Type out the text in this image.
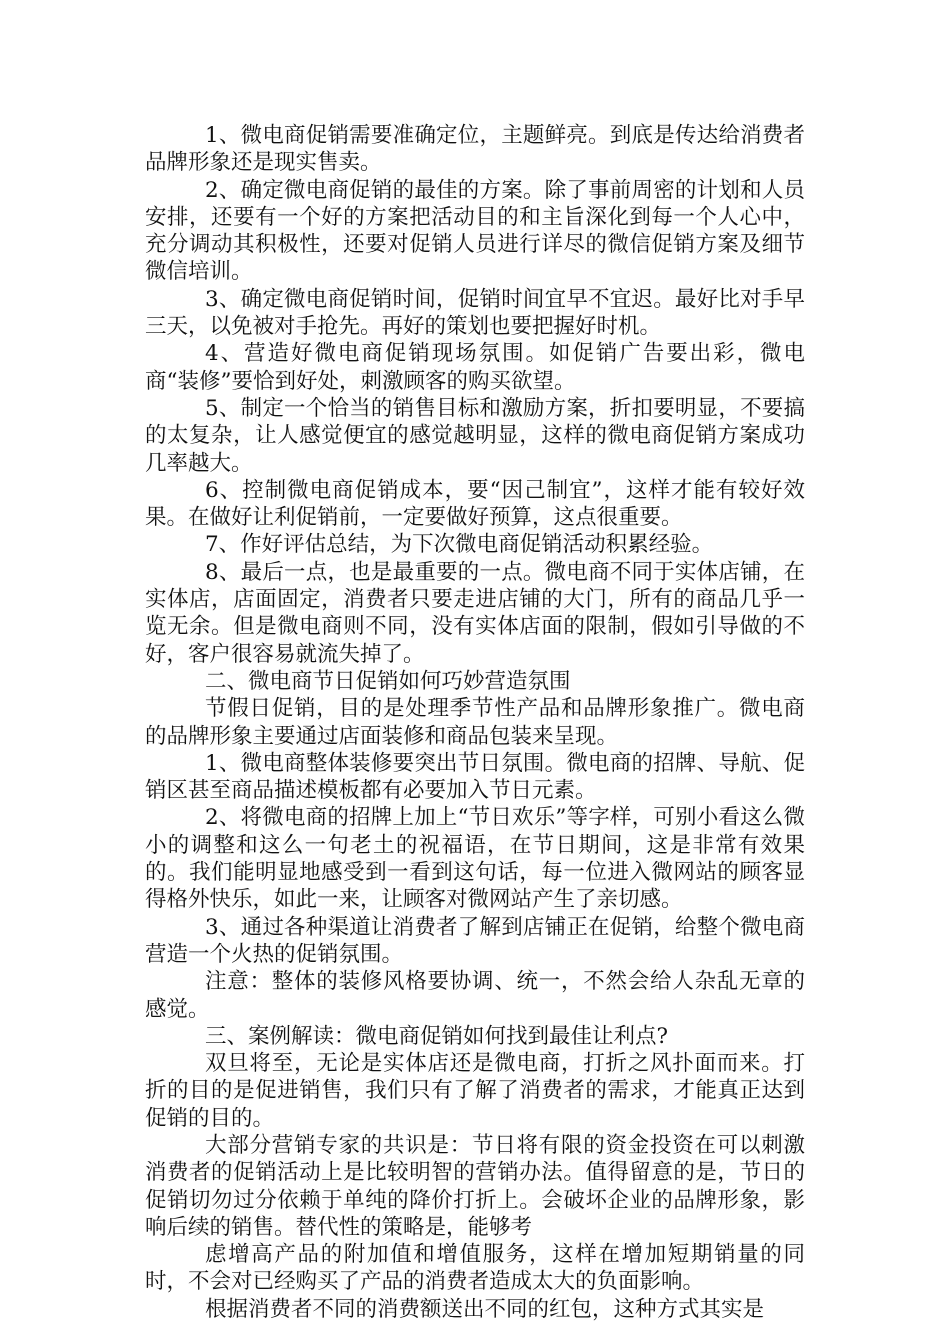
1、微电商促销需要准确定位，主题鲜亮。到底是传达给消费者品牌形象还是现实售卖。

2、确定微电商促销的最佳的方案。除了事前周密的计划和人员安排，还要有一个好的方案把活动目的和主旨深化到每一个人心中，充分调动其积极性，还要对促销人员进行详尽的微信促销方案及细节微信培训。

3、确定微电商促销时间，促销时间宜早不宜迟。最好比对手早三天，以免被对手抢先。再好的策划也要把握好时机。

4、营造好微电商促销现场氛围。如促销广告要出彩，微电商“装修”要恰到好处，刺激顾客的购买欲望。

5、制定一个恰当的销售目标和激励方案，折扣要明显，不要搞的太复杂，让人感觉便宜的感觉越明显，这样的微电商促销方案成功几率越大。

6、控制微电商促销成本，要“因己制宜”，这样才能有较好效果。在做好让利促销前，一定要做好预算，这点很重要。

7、作好评估总结，为下次微电商促销活动积累经验。

8、最后一点，也是最重要的一点。微电商不同于实体店铺，在实体店，店面固定，消费者只要走进店铺的大门，所有的商品几乎一览无余。但是微电商则不同，没有实体店面的限制，假如引导做的不好，客户很容易就流失掉了。

二、微电商节日促销如何巧妙营造氛围

节假日促销，目的是处理季节性产品和品牌形象推广。微电商的品牌形象主要通过店面装修和商品包装来呈现。

1、微电商整体装修要突出节日氛围。微电商的招牌、导航、促销区甚至商品描述模板都有必要加入节日元素。

2、将微电商的招牌上加上“节日欢乐”等字样，可别小看这么微小的调整和这么一句老土的祝福语，在节日期间，这是非常有效果的。我们能明显地感受到一看到这句话，每一位进入微网站的顾客显得格外快乐，如此一来，让顾客对微网站产生了亲切感。

3、通过各种渠道让消费者了解到店铺正在促销，给整个微电商营造一个火热的促销氛围。

注意：整体的装修风格要协调、统一，不然会给人杂乱无章的感觉。

三、案例解读：微电商促销如何找到最佳让利点?

双旦将至，无论是实体店还是微电商，打折之风扑面而来。打折的目的是促进销售，我们只有了解了消费者的需求，才能真正达到促销的目的。

大部分营销专家的共识是：节日将有限的资金投资在可以刺激消费者的促销活动上是比较明智的营销办法。值得留意的是，节日的促销切勿过分依赖于单纯的降价打折上。会破坏企业的品牌形象，影响后续的销售。替代性的策略是，能够考

虑增高产品的附加值和增值服务，这样在增加短期销量的同时，不会对已经购买了产品的消费者造成太大的负面影响。

根据消费者不同的消费额送出不同的红包，这种方式其实是
